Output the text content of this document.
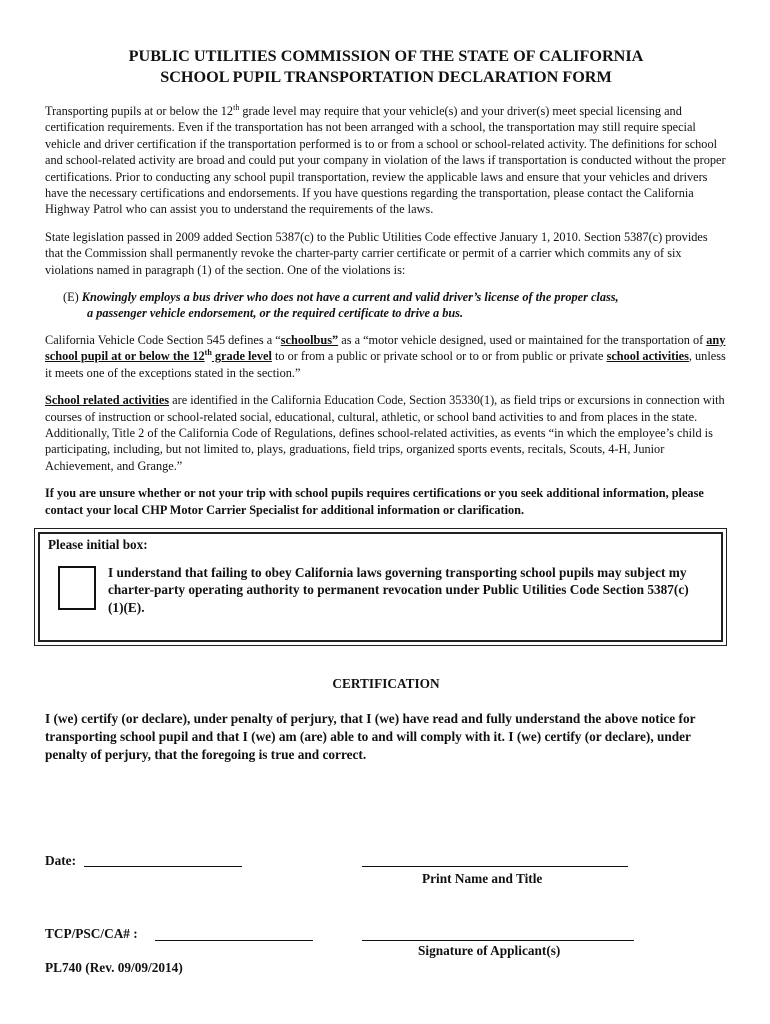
PUBLIC UTILITIES COMMISSION OF THE STATE OF CALIFORNIA

SCHOOL PUPIL TRANSPORTATION DECLARATION FORM

Transporting pupils at or below the 12th grade level may require that your vehicle(s) and your driver(s) meet special licensing and certification requirements. Even if the transportation has not been arranged with a school, the transportation may still require special vehicle and driver certification if the transportation performed is to or from a school or school-related activity. The definitions for school and school-related activity are broad and could put your company in violation of the laws if transportation is conducted without the proper certifications. Prior to conducting any school pupil transportation, review the applicable laws and ensure that your vehicles and drivers have the necessary certifications and endorsements. If you have questions regarding the transportation, please contact the California Highway Patrol who can assist you to understand the requirements of the laws.

State legislation passed in 2009 added Section 5387(c) to the Public Utilities Code effective January 1, 2010. Section 5387(c) provides that the Commission shall permanently revoke the charter-party carrier certificate or permit of a carrier which commits any of six violations named in paragraph (1) of the section. One of the violations is:

(E) Knowingly employs a bus driver who does not have a current and valid driver’s license of the proper class,
a passenger vehicle endorsement, or the required certificate to drive a bus.

California Vehicle Code Section 545 defines a “schoolbus” as a “motor vehicle designed, used or maintained for the transportation of any school pupil at or below the 12th grade level to or from a public or private school or to or from public or private school activities, unless it meets one of the exceptions stated in the section.”

School related activities are identified in the California Education Code, Section 35330(1), as field trips or excursions in connection with courses of instruction or school-related social, educational, cultural, athletic, or school band activities to and from places in the state. Additionally, Title 2 of the California Code of Regulations, defines school-related activities, as events “in which the employee’s child is participating, including, but not limited to, plays, graduations, field trips, organized sports events, recitals, Scouts, 4-H, Junior Achievement, and Grange.”

If you are unsure whether or not your trip with school pupils requires certifications or you seek additional information, please contact your local CHP Motor Carrier Specialist for additional information or clarification.

Please initial box:
I understand that failing to obey California laws governing transporting school pupils may subject my charter-party operating authority to permanent revocation under Public Utilities Code Section 5387(c)(1)(E).

CERTIFICATION

I (we) certify (or declare), under penalty of perjury, that I (we) have read and fully understand the above notice for transporting school pupil and that I (we) am (are) able to and will comply with it. I (we) certify (or declare), under penalty of perjury, that the foregoing is true and correct.

Date:
Print Name and Title
TCP/PSC/CA# :
Signature of Applicant(s)
PL740 (Rev. 09/09/2014)
